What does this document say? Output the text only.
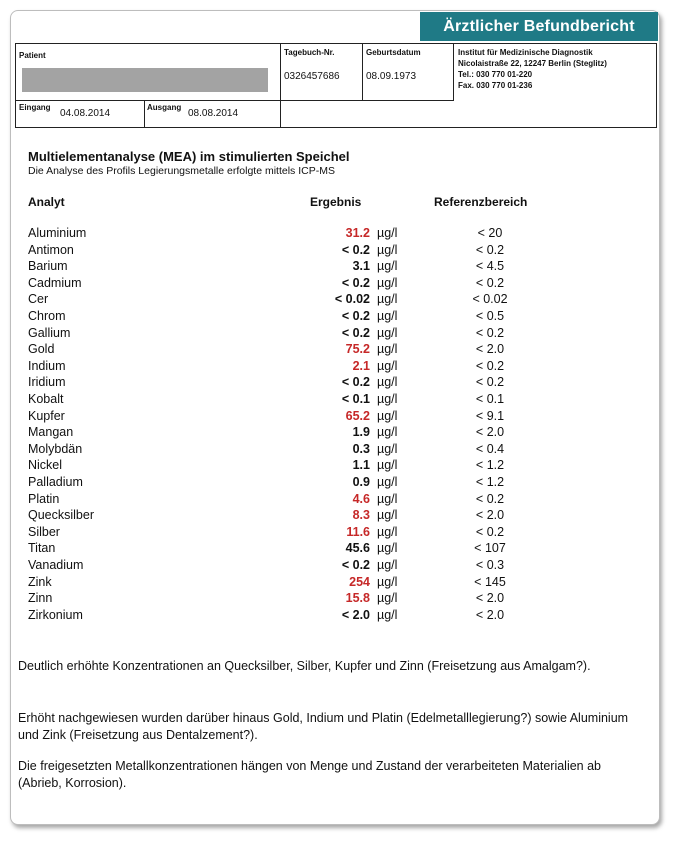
Ärztlicher Befundbericht
Patient	Tagebuch-Nr.
0326457686
Geburtsdatum
08.09.1973
Institut für Medizinische Diagnostik
Nicolaistraße 22, 12247 Berlin (Steglitz)
Tel.: 030 770 01-220
Fax. 030 770 01-236
Eingang
04.08.2014
Ausgang
08.08.2014
Multielementanalyse (MEA) im stimulierten Speichel
Die Analyse des Profils Legierungsmetalle erfolgte mittels ICP-MS
Analyt	Ergebnis	Referenzbereich
Aluminium	31.2 µg/l	< 20
Antimon	< 0.2 µg/l	< 0.2
Barium	3.1 µg/l	< 4.5
Cadmium	< 0.2 µg/l	< 0.2
Cer	< 0.02 µg/l	< 0.02
Chrom	< 0.2 µg/l	< 0.5
Gallium	< 0.2 µg/l	< 0.2
Gold	75.2 µg/l	< 2.0
Indium	2.1 µg/l	< 0.2
Iridium	< 0.2 µg/l	< 0.2
Kobalt	< 0.1 µg/l	< 0.1
Kupfer	65.2 µg/l	< 9.1
Mangan	1.9 µg/l	< 2.0
Molybdän	0.3 µg/l	< 0.4
Nickel	1.1 µg/l	< 1.2
Palladium	0.9 µg/l	< 1.2
Platin	4.6 µg/l	< 0.2
Quecksilber	8.3 µg/l	< 2.0
Silber	11.6 µg/l	< 0.2
Titan	45.6 µg/l	< 107
Vanadium	< 0.2 µg/l	< 0.3
Zink	254 µg/l	< 145
Zinn	15.8 µg/l	< 2.0
Zirkonium	< 2.0 µg/l	< 2.0
Deutlich erhöhte Konzentrationen an Quecksilber, Silber, Kupfer und Zinn (Freisetzung aus Amalgam?).
Erhöht nachgewiesen wurden darüber hinaus Gold, Indium und Platin (Edelmetalllegierung?) sowie Aluminium und Zink (Freisetzung aus Dentalzement?).
Die freigesetzten Metallkonzentrationen hängen von Menge und Zustand der verarbeiteten Materialien ab (Abrieb, Korrosion).
